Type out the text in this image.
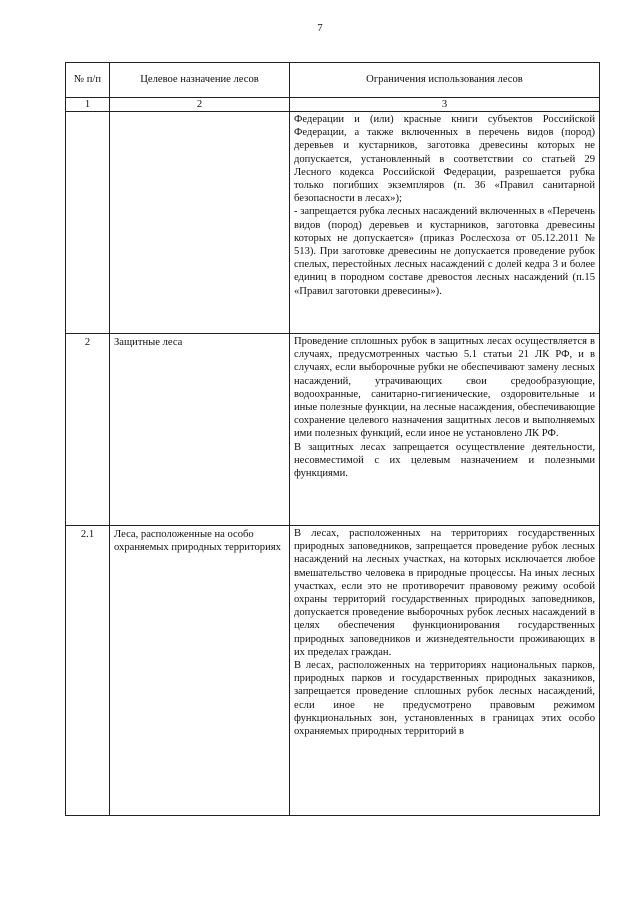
7
№ п/п	Целевое назначение лесов	Ограничения использования лесов
1	2	3

		Федерации и (или) красные книги субъектов Российской Федерации, а также включенных в перечень видов (пород) деревьев и кустарников, заготовка древесины которых не допускается, установленный в соответствии со статьей 29 Лесного кодекса Российской Федерации, разрешается рубка только погибших экземпляров (п. 36 «Правил санитарной безопасности в лесах»);

- запрещается рубка лесных насаждений включенных в «Перечень видов (пород) деревьев и кустарников, заготовка древесины которых не допускается» (приказ Рослесхоза от 05.12.2011 № 513). При заготовке древесины не допускается проведение рубок спелых, перестойных лесных насаждений с долей кедра 3 и более единиц в породном составе древостоя лесных насаждений (п.15 «Правил заготовки древесины»).

2	Защитные леса	Проведение сплошных рубок в защитных лесах осуществляется в случаях, предусмотренных частью 5.1 статьи 21 ЛК РФ, и в случаях, если выборочные рубки не обеспечивают замену лесных насаждений, утрачивающих свои средообразующие, водоохранные, санитарно-гигиенические, оздоровительные и иные полезные функции, на лесные насаждения, обеспечивающие сохранение целевого назначения защитных лесов и выполняемых ими полезных функций, если иное не установлено ЛК РФ.

В защитных лесах запрещается осуществление деятельности, несовместимой с их целевым назначением и полезными функциями.

2.1	Леса, расположенные на особо охраняемых природных территориях	В лесах, расположенных на территориях государственных природных заповедников, запрещается проведение рубок лесных насаждений на лесных участках, на которых исключается любое вмешательство человека в природные процессы. На иных лесных участках, если это не противоречит правовому режиму особой охраны территорий государственных природных заповедников, допускается проведение выборочных рубок лесных насаждений в целях обеспечения функционирования государственных природных заповедников и жизнедеятельности проживающих в их пределах граждан.

В лесах, расположенных на территориях национальных парков, природных парков и государственных природных заказников, запрещается проведение сплошных рубок лесных насаждений, если иное не предусмотрено правовым режимом функциональных зон, установленных в границах этих особо охраняемых природных территорий в
